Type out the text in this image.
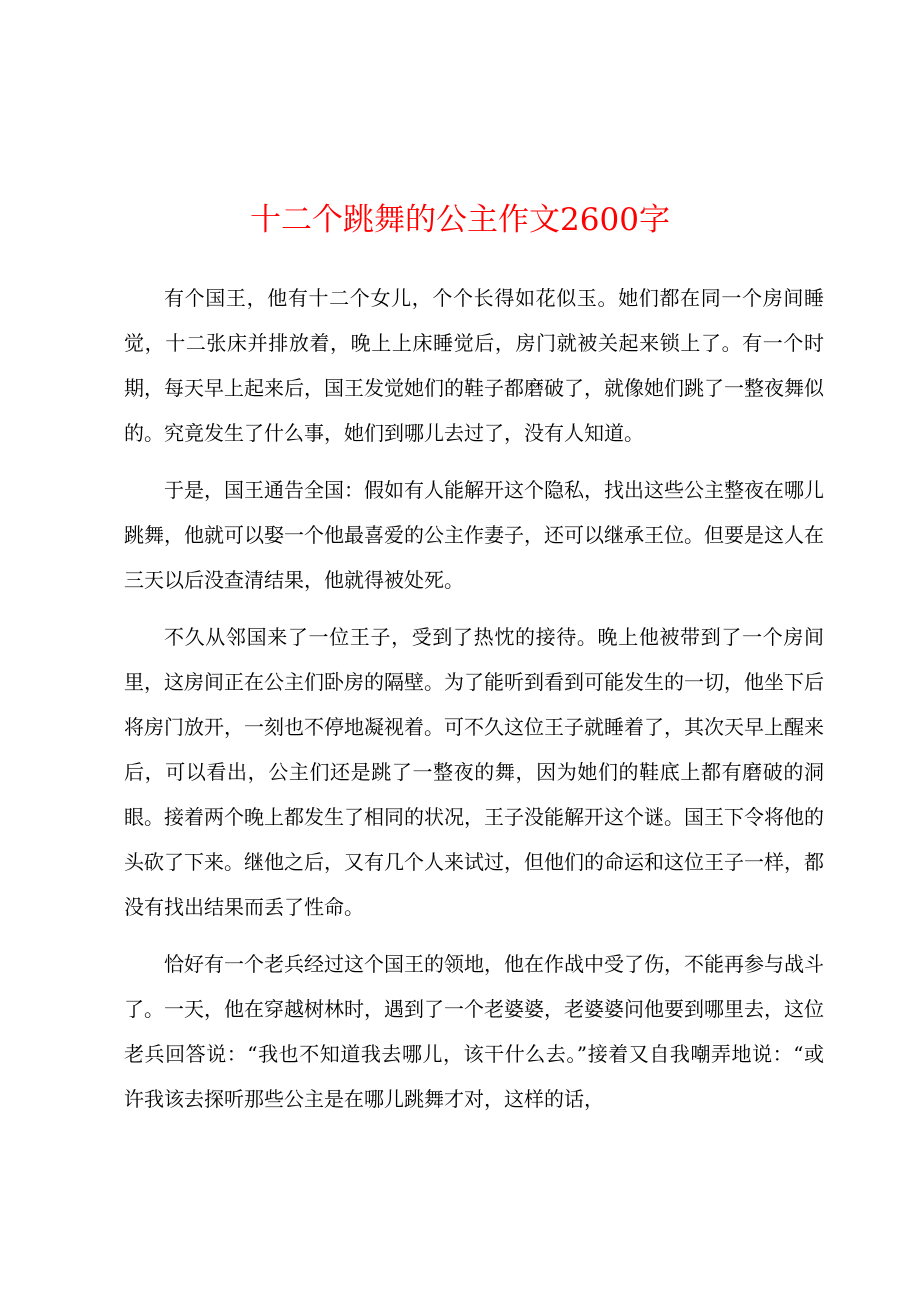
十二个跳舞的公主作文2600字

有个国王，他有十二个女儿，个个长得如花似玉。她们都在同一个房间睡觉，十二张床并排放着，晚上上床睡觉后，房门就被关起来锁上了。有一个时期，每天早上起来后，国王发觉她们的鞋子都磨破了，就像她们跳了一整夜舞似的。究竟发生了什么事，她们到哪儿去过了，没有人知道。

于是，国王通告全国：假如有人能解开这个隐私，找出这些公主整夜在哪儿跳舞，他就可以娶一个他最喜爱的公主作妻子，还可以继承王位。但要是这人在三天以后没查清结果，他就得被处死。

不久从邻国来了一位王子，受到了热忱的接待。晚上他被带到了一个房间里，这房间正在公主们卧房的隔壁。为了能听到看到可能发生的一切，他坐下后将房门放开，一刻也不停地凝视着。可不久这位王子就睡着了，其次天早上醒来后，可以看出，公主们还是跳了一整夜的舞，因为她们的鞋底上都有磨破的洞眼。接着两个晚上都发生了相同的状况，王子没能解开这个谜。国王下令将他的头砍了下来。继他之后，又有几个人来试过，但他们的命运和这位王子一样，都没有找出结果而丢了性命。

恰好有一个老兵经过这个国王的领地，他在作战中受了伤，不能再参与战斗了。一天，他在穿越树林时，遇到了一个老婆婆，老婆婆问他要到哪里去，这位老兵回答说：“我也不知道我去哪儿，该干什么去。”接着又自我嘲弄地说：“或许我该去探听那些公主是在哪儿跳舞才对，这样的话，
